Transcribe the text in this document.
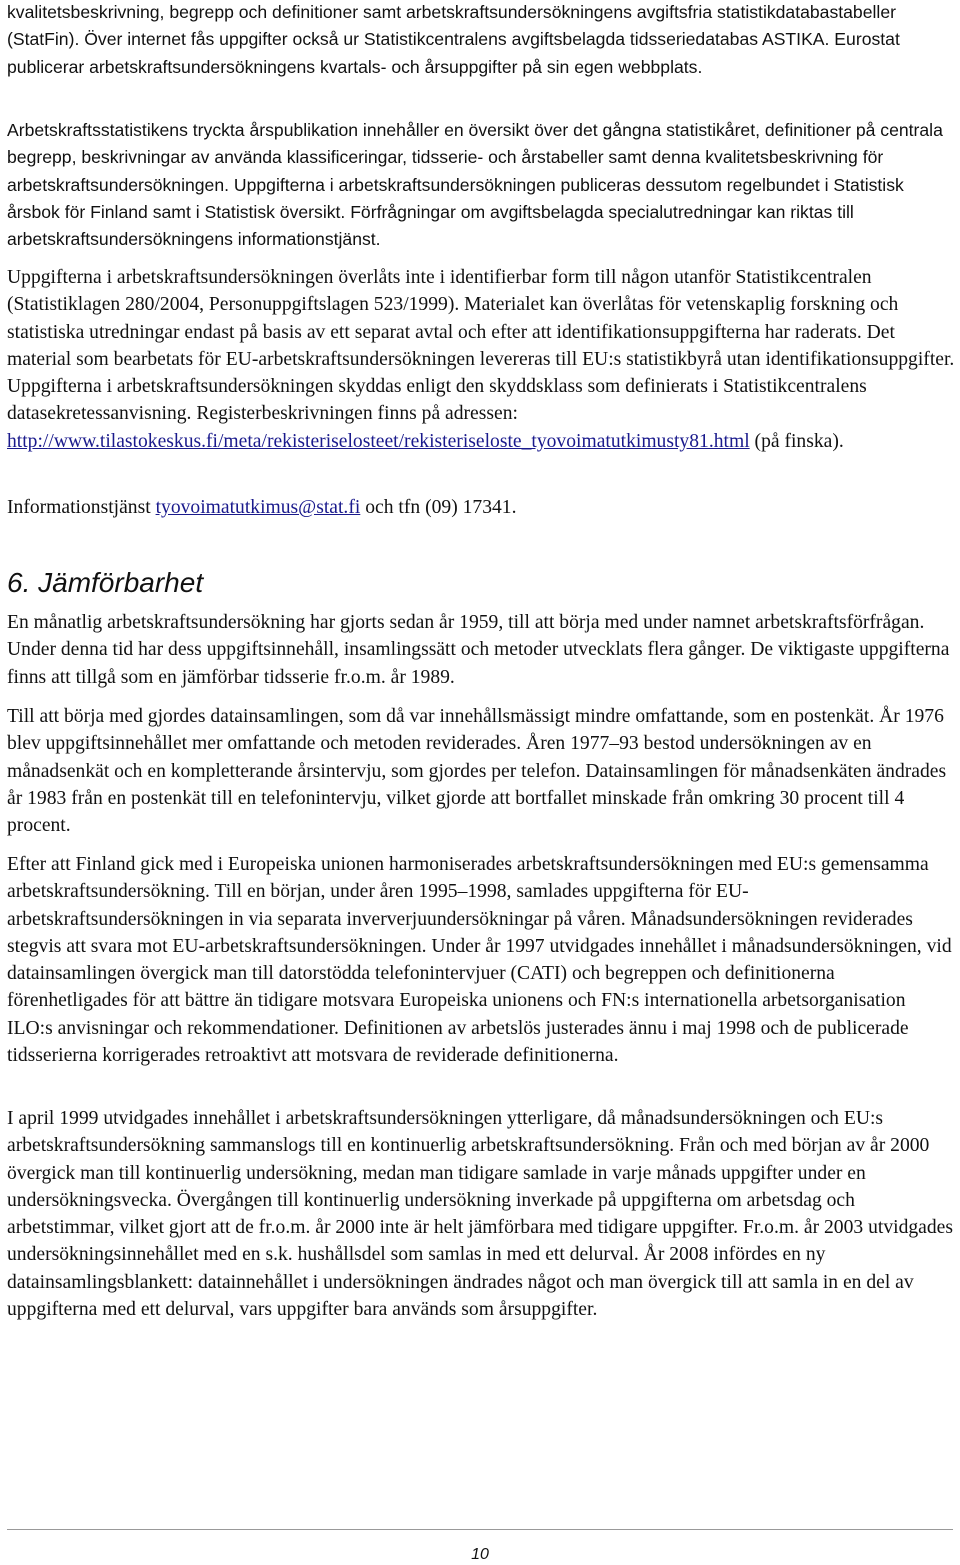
kvalitetsbeskrivning, begrepp och definitioner samt arbetskraftsundersökningens avgiftsfria statistikdatabastabeller (StatFin). Över internet fås uppgifter också ur Statistikcentralens avgiftsbelagda tidsseriedatabas ASTIKA. Eurostat publicerar arbetskraftsundersökningens kvartals- och årsuppgifter på sin egen webbplats.

Arbetskraftsstatistikens tryckta årspublikation innehåller en översikt över det gångna statistikåret, definitioner på centrala begrepp, beskrivningar av använda klassificeringar, tidsserie- och årstabeller samt denna kvalitetsbeskrivning för arbetskraftsundersökningen. Uppgifterna i arbetskraftsundersökningen publiceras dessutom regelbundet i Statistisk årsbok för Finland samt i Statistisk översikt. Förfrågningar om avgiftsbelagda specialutredningar kan riktas till arbetskraftsundersökningens informationstjänst.

Uppgifterna i arbetskraftsundersökningen överlåts inte i identifierbar form till någon utanför Statistikcentralen (Statistiklagen 280/2004, Personuppgiftslagen 523/1999). Materialet kan överlåtas för vetenskaplig forskning och statistiska utredningar endast på basis av ett separat avtal och efter att identifikationsuppgifterna har raderats. Det material som bearbetats för EU-arbetskraftsundersökningen levereras till EU:s statistikbyrå utan identifikationsuppgifter. Uppgifterna i arbetskraftsundersökningen skyddas enligt den skyddsklass som definierats i Statistikcentralens datasekretessanvisning. Registerbeskrivningen finns på adressen:
http://www.tilastokeskus.fi/meta/rekisteriselosteet/rekisteriseloste_tyovoimatutkimusty81.html (på finska).

Informationstjänst tyovoimatutkimus@stat.fi och tfn (09) 17341.

6. Jämförbarhet

En månatlig arbetskraftsundersökning har gjorts sedan år 1959, till att börja med under namnet arbetskraftsförfrågan. Under denna tid har dess uppgiftsinnehåll, insamlingssätt och metoder utvecklats flera gånger. De viktigaste uppgifterna finns att tillgå som en jämförbar tidsserie fr.o.m. år 1989.

Till att börja med gjordes datainsamlingen, som då var innehållsmässigt mindre omfattande, som en postenkät. År 1976 blev uppgiftsinnehållet mer omfattande och metoden reviderades. Åren 1977–93 bestod undersökningen av en månadsenkät och en kompletterande årsintervju, som gjordes per telefon. Datainsamlingen för månadsenkäten ändrades år 1983 från en postenkät till en telefonintervju, vilket gjorde att bortfallet minskade från omkring 30 procent till 4 procent.

Efter att Finland gick med i Europeiska unionen harmoniserades arbetskraftsundersökningen med EU:s gemensamma arbetskraftsundersökning. Till en början, under åren 1995–1998, samlades uppgifterna för EU-arbetskraftsundersökningen in via separata inververjuundersökningar på våren. Månadsundersökningen reviderades stegvis att svara mot EU-arbetskraftsundersökningen. Under år 1997 utvidgades innehållet i månadsundersökningen, vid datainsamlingen övergick man till datorstödda telefonintervjuer (CATI) och begreppen och definitionerna förenhetligades för att bättre än tidigare motsvara Europeiska unionens och FN:s internationella arbetsorganisation ILO:s anvisningar och rekommendationer. Definitionen av arbetslös justerades ännu i maj 1998 och de publicerade tidsserierna korrigerades retroaktivt att motsvara de reviderade definitionerna.

I april 1999 utvidgades innehållet i arbetskraftsundersökningen ytterligare, då månadsundersökningen och EU:s arbetskraftsundersökning sammanslogs till en kontinuerlig arbetskraftsundersökning. Från och med början av år 2000 övergick man till kontinuerlig undersökning, medan man tidigare samlade in varje månads uppgifter under en undersökningsvecka. Övergången till kontinuerlig undersökning inverkade på uppgifterna om arbetsdag och arbetstimmar, vilket gjort att de fr.o.m. år 2000 inte är helt jämförbara med tidigare uppgifter. Fr.o.m. år 2003 utvidgades undersökningsinnehållet med en s.k. hushållsdel som samlas in med ett delurval. År 2008 infördes en ny datainsamlingsblankett: datainnehållet i undersökningen ändrades något och man övergick till att samla in en del av uppgifterna med ett delurval, vars uppgifter bara används som årsuppgifter.

10
